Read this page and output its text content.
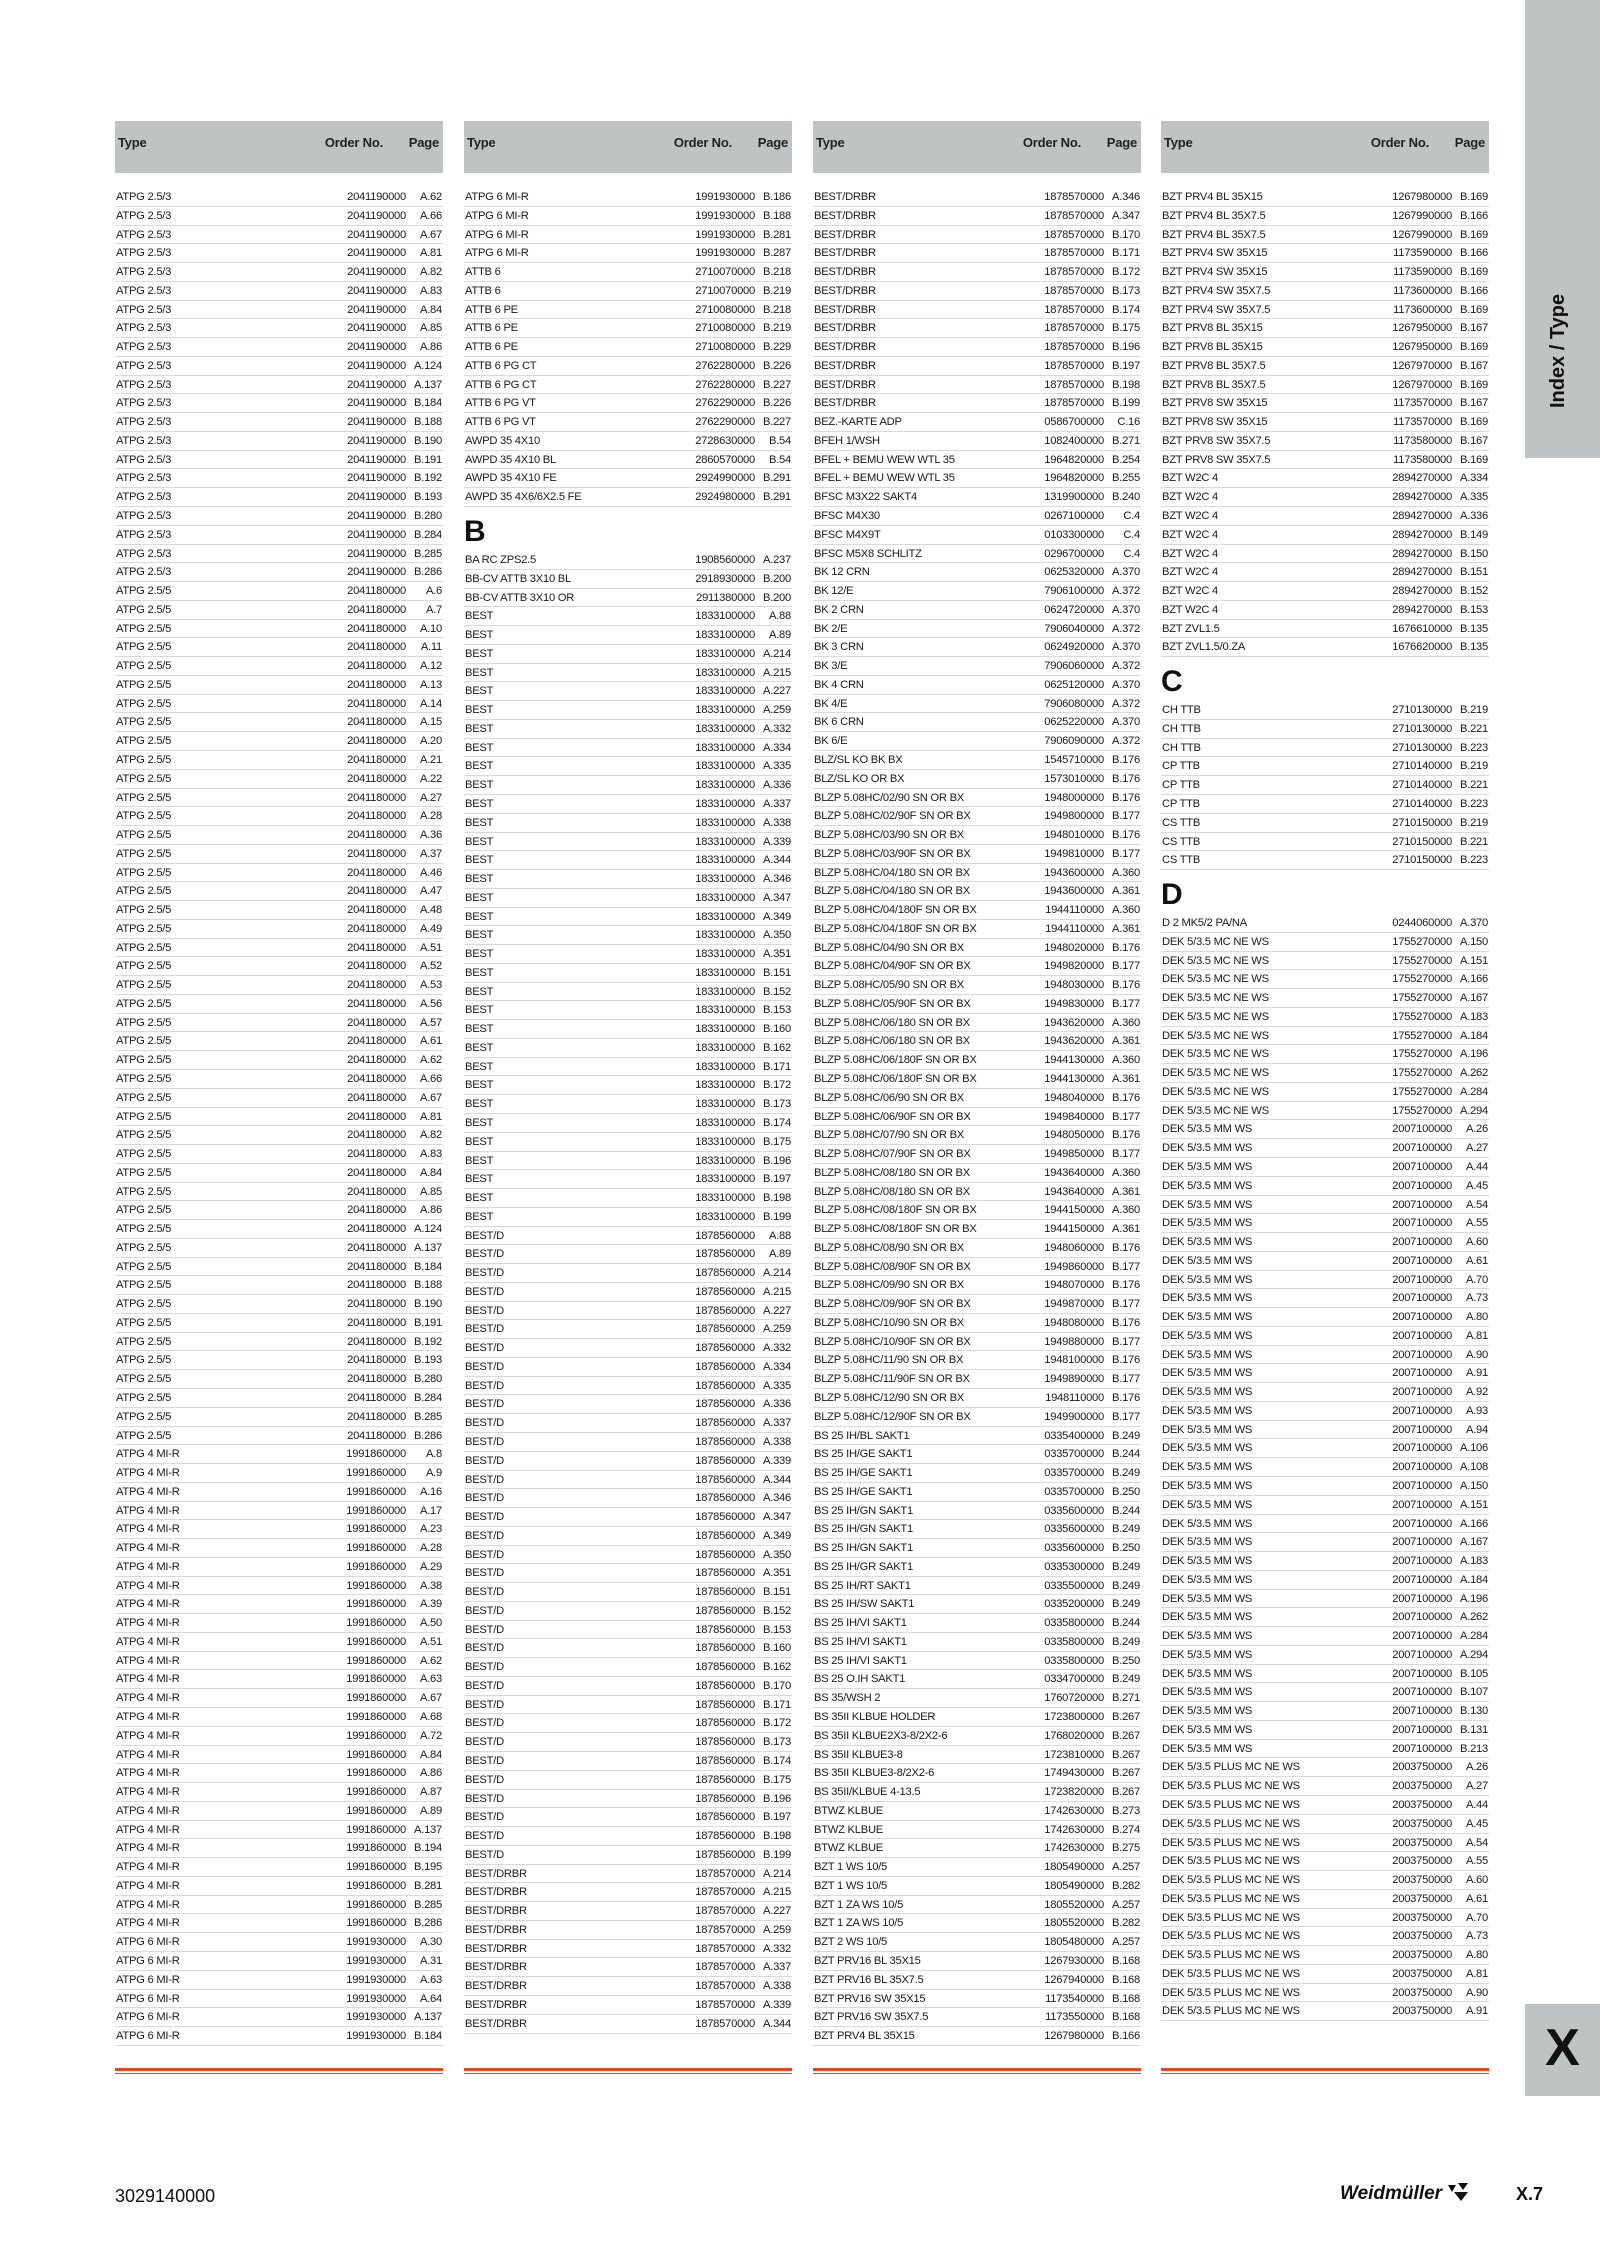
Type	Order No. Page
ATPG 2.5/3	2041190000 A.62
ATPG 2.5/3	2041190000 A.66
ATPG 2.5/3	2041190000 A.67
ATPG 2.5/3	2041190000 A.81
ATPG 2.5/3	2041190000 A.82
ATPG 2.5/3	2041190000 A.83
ATPG 2.5/3	2041190000 A.84
ATPG 2.5/3	2041190000 A.85
ATPG 2.5/3	2041190000 A.86
ATPG 2.5/3	2041190000 A.124
ATPG 2.5/3	2041190000 A.137
ATPG 2.5/3	2041190000 B.184
ATPG 2.5/3	2041190000 B.188
ATPG 2.5/3	2041190000 B.190
ATPG 2.5/3	2041190000 B.191
ATPG 2.5/3	2041190000 B.192
ATPG 2.5/3	2041190000 B.193
ATPG 2.5/3	2041190000 B.280
ATPG 2.5/3	2041190000 B.284
ATPG 2.5/3	2041190000 B.285
ATPG 2.5/3	2041190000 B.286
ATPG 2.5/5	2041180000 A.6
ATPG 2.5/5	2041180000 A.7
ATPG 2.5/5	2041180000 A.10
ATPG 2.5/5	2041180000 A.11
ATPG 2.5/5	2041180000 A.12
ATPG 2.5/5	2041180000 A.13
ATPG 2.5/5	2041180000 A.14
ATPG 2.5/5	2041180000 A.15
ATPG 2.5/5	2041180000 A.20
ATPG 2.5/5	2041180000 A.21
ATPG 2.5/5	2041180000 A.22
ATPG 2.5/5	2041180000 A.27
ATPG 2.5/5	2041180000 A.28
ATPG 2.5/5	2041180000 A.36
ATPG 2.5/5	2041180000 A.37
ATPG 2.5/5	2041180000 A.46
ATPG 2.5/5	2041180000 A.47
ATPG 2.5/5	2041180000 A.48
ATPG 2.5/5	2041180000 A.49
ATPG 2.5/5	2041180000 A.51
ATPG 2.5/5	2041180000 A.52
ATPG 2.5/5	2041180000 A.53
ATPG 2.5/5	2041180000 A.56
ATPG 2.5/5	2041180000 A.57
ATPG 2.5/5	2041180000 A.61
ATPG 2.5/5	2041180000 A.62
ATPG 2.5/5	2041180000 A.66
ATPG 2.5/5	2041180000 A.67
ATPG 2.5/5	2041180000 A.81
ATPG 2.5/5	2041180000 A.82
ATPG 2.5/5	2041180000 A.83
ATPG 2.5/5	2041180000 A.84
ATPG 2.5/5	2041180000 A.85
ATPG 2.5/5	2041180000 A.86
ATPG 2.5/5	2041180000 A.124
ATPG 2.5/5	2041180000 A.137
ATPG 2.5/5	2041180000 B.184
ATPG 2.5/5	2041180000 B.188
ATPG 2.5/5	2041180000 B.190
ATPG 2.5/5	2041180000 B.191
ATPG 2.5/5	2041180000 B.192
ATPG 2.5/5	2041180000 B.193
ATPG 2.5/5	2041180000 B.280
ATPG 2.5/5	2041180000 B.284
ATPG 2.5/5	2041180000 B.285
ATPG 2.5/5	2041180000 B.286
ATPG 4 MI-R	1991860000 A.8
ATPG 4 MI-R	1991860000 A.9
ATPG 4 MI-R	1991860000 A.16
ATPG 4 MI-R	1991860000 A.17
ATPG 4 MI-R	1991860000 A.23
ATPG 4 MI-R	1991860000 A.28
ATPG 4 MI-R	1991860000 A.29
ATPG 4 MI-R	1991860000 A.38
ATPG 4 MI-R	1991860000 A.39
ATPG 4 MI-R	1991860000 A.50
ATPG 4 MI-R	1991860000 A.51
ATPG 4 MI-R	1991860000 A.62
ATPG 4 MI-R	1991860000 A.63
ATPG 4 MI-R	1991860000 A.67
ATPG 4 MI-R	1991860000 A.68
ATPG 4 MI-R	1991860000 A.72
ATPG 4 MI-R	1991860000 A.84
ATPG 4 MI-R	1991860000 A.86
ATPG 4 MI-R	1991860000 A.87
ATPG 4 MI-R	1991860000 A.89
ATPG 4 MI-R	1991860000 A.137
ATPG 4 MI-R	1991860000 B.194
ATPG 4 MI-R	1991860000 B.195
ATPG 4 MI-R	1991860000 B.281
ATPG 4 MI-R	1991860000 B.285
ATPG 4 MI-R	1991860000 B.286
ATPG 6 MI-R	1991930000 A.30
ATPG 6 MI-R	1991930000 A.31
ATPG 6 MI-R	1991930000 A.63
ATPG 6 MI-R	1991930000 A.64
ATPG 6 MI-R	1991930000 A.137
ATPG 6 MI-R	1991930000 B.184
Type	Order No. Page
ATPG 6 MI-R	1991930000 B.186
ATPG 6 MI-R	1991930000 B.188
ATPG 6 MI-R	1991930000 B.281
ATPG 6 MI-R	1991930000 B.287
ATTB 6	2710070000 B.218
ATTB 6	2710070000 B.219
ATTB 6 PE	2710080000 B.218
ATTB 6 PE	2710080000 B.219
ATTB 6 PE	2710080000 B.229
ATTB 6 PG CT	2762280000 B.226
ATTB 6 PG CT	2762280000 B.227
ATTB 6 PG VT	2762290000 B.226
ATTB 6 PG VT	2762290000 B.227
AWPD 35 4X10	2728630000 B.54
AWPD 35 4X10 BL	2860570000 B.54
AWPD 35 4X10 FE	2924990000 B.291
AWPD 35 4X6/6X2.5 FE	2924980000 B.291
B
BA RC ZPS2.5	1908560000 A.237
BB-CV ATTB 3X10 BL	2918930000 B.200
BB-CV ATTB 3X10 OR	2911380000 B.200
BEST	1833100000 A.88
BEST	1833100000 A.89
BEST	1833100000 A.214
BEST	1833100000 A.215
BEST	1833100000 A.227
BEST	1833100000 A.259
BEST	1833100000 A.332
BEST	1833100000 A.334
BEST	1833100000 A.335
BEST	1833100000 A.336
BEST	1833100000 A.337
BEST	1833100000 A.338
BEST	1833100000 A.339
BEST	1833100000 A.344
BEST	1833100000 A.346
BEST	1833100000 A.347
BEST	1833100000 A.349
BEST	1833100000 A.350
BEST	1833100000 A.351
BEST	1833100000 B.151
BEST	1833100000 B.152
BEST	1833100000 B.153
BEST	1833100000 B.160
BEST	1833100000 B.162
BEST	1833100000 B.171
BEST	1833100000 B.172
BEST	1833100000 B.173
BEST	1833100000 B.174
BEST	1833100000 B.175
BEST	1833100000 B.196
BEST	1833100000 B.197
BEST	1833100000 B.198
BEST	1833100000 B.199
BEST/D	1878560000 A.88
BEST/D	1878560000 A.89
BEST/D	1878560000 A.214
BEST/D	1878560000 A.215
BEST/D	1878560000 A.227
BEST/D	1878560000 A.259
BEST/D	1878560000 A.332
BEST/D	1878560000 A.334
BEST/D	1878560000 A.335
BEST/D	1878560000 A.336
BEST/D	1878560000 A.337
BEST/D	1878560000 A.338
BEST/D	1878560000 A.339
BEST/D	1878560000 A.344
BEST/D	1878560000 A.346
BEST/D	1878560000 A.347
BEST/D	1878560000 A.349
BEST/D	1878560000 A.350
BEST/D	1878560000 A.351
BEST/D	1878560000 B.151
BEST/D	1878560000 B.152
BEST/D	1878560000 B.153
BEST/D	1878560000 B.160
BEST/D	1878560000 B.162
BEST/D	1878560000 B.170
BEST/D	1878560000 B.171
BEST/D	1878560000 B.172
BEST/D	1878560000 B.173
BEST/D	1878560000 B.174
BEST/D	1878560000 B.175
BEST/D	1878560000 B.196
BEST/D	1878560000 B.197
BEST/D	1878560000 B.198
BEST/D	1878560000 B.199
BEST/DRBR	1878570000 A.214
BEST/DRBR	1878570000 A.215
BEST/DRBR	1878570000 A.227
BEST/DRBR	1878570000 A.259
BEST/DRBR	1878570000 A.332
BEST/DRBR	1878570000 A.337
BEST/DRBR	1878570000 A.338
BEST/DRBR	1878570000 A.339
BEST/DRBR	1878570000 A.344
Type	Order No. Page
BEST/DRBR	1878570000 A.346
BEST/DRBR	1878570000 A.347
BEST/DRBR	1878570000 B.170
BEST/DRBR	1878570000 B.171
BEST/DRBR	1878570000 B.172
BEST/DRBR	1878570000 B.173
BEST/DRBR	1878570000 B.174
BEST/DRBR	1878570000 B.175
BEST/DRBR	1878570000 B.196
BEST/DRBR	1878570000 B.197
BEST/DRBR	1878570000 B.198
BEST/DRBR	1878570000 B.199
BEZ.-KARTE ADP	0586700000 C.16
BFEH 1/WSH	1082400000 B.271
BFEL + BEMU WEW WTL 35	1964820000 B.254
BFEL + BEMU WEW WTL 35	1964820000 B.255
BFSC M3X22 SAKT4	1319900000 B.240
BFSC M4X30	0267100000 C.4
BFSC M4X9T	0103300000 C.4
BFSC M5X8 SCHLITZ	0296700000 C.4
BK 12 CRN	0625320000 A.370
BK 12/E	7906100000 A.372
BK 2 CRN	0624720000 A.370
BK 2/E	7906040000 A.372
BK 3 CRN	0624920000 A.370
BK 3/E	7906060000 A.372
BK 4 CRN	0625120000 A.370
BK 4/E	7906080000 A.372
BK 6 CRN	0625220000 A.370
BK 6/E	7906090000 A.372
BLZ/SL KO BK BX	1545710000 B.176
BLZ/SL KO OR BX	1573010000 B.176
BLZP 5.08HC/02/90 SN OR BX	1948000000 B.176
BLZP 5.08HC/02/90F SN OR BX	1949800000 B.177
BLZP 5.08HC/03/90 SN OR BX	1948010000 B.176
BLZP 5.08HC/03/90F SN OR BX	1949810000 B.177
BLZP 5.08HC/04/180 SN OR BX	1943600000 A.360
BLZP 5.08HC/04/180 SN OR BX	1943600000 A.361
BLZP 5.08HC/04/180F SN OR BX	1944110000 A.360
BLZP 5.08HC/04/180F SN OR BX	1944110000 A.361
BLZP 5.08HC/04/90 SN OR BX	1948020000 B.176
BLZP 5.08HC/04/90F SN OR BX	1949820000 B.177
BLZP 5.08HC/05/90 SN OR BX	1948030000 B.176
BLZP 5.08HC/05/90F SN OR BX	1949830000 B.177
BLZP 5.08HC/06/180 SN OR BX	1943620000 A.360
BLZP 5.08HC/06/180 SN OR BX	1943620000 A.361
BLZP 5.08HC/06/180F SN OR BX	1944130000 A.360
BLZP 5.08HC/06/180F SN OR BX	1944130000 A.361
BLZP 5.08HC/06/90 SN OR BX	1948040000 B.176
BLZP 5.08HC/06/90F SN OR BX	1949840000 B.177
BLZP 5.08HC/07/90 SN OR BX	1948050000 B.176
BLZP 5.08HC/07/90F SN OR BX	1949850000 B.177
BLZP 5.08HC/08/180 SN OR BX	1943640000 A.360
BLZP 5.08HC/08/180 SN OR BX	1943640000 A.361
BLZP 5.08HC/08/180F SN OR BX	1944150000 A.360
BLZP 5.08HC/08/180F SN OR BX	1944150000 A.361
BLZP 5.08HC/08/90 SN OR BX	1948060000 B.176
BLZP 5.08HC/08/90F SN OR BX	1949860000 B.177
BLZP 5.08HC/09/90 SN OR BX	1948070000 B.176
BLZP 5.08HC/09/90F SN OR BX	1949870000 B.177
BLZP 5.08HC/10/90 SN OR BX	1948080000 B.176
BLZP 5.08HC/10/90F SN OR BX	1949880000 B.177
BLZP 5.08HC/11/90 SN OR BX	1948100000 B.176
BLZP 5.08HC/11/90F SN OR BX	1949890000 B.177
BLZP 5.08HC/12/90 SN OR BX	1948110000 B.176
BLZP 5.08HC/12/90F SN OR BX	1949900000 B.177
BS 25 IH/BL SAKT1	0335400000 B.249
BS 25 IH/GE SAKT1	0335700000 B.244
BS 25 IH/GE SAKT1	0335700000 B.249
BS 25 IH/GE SAKT1	0335700000 B.250
BS 25 IH/GN SAKT1	0335600000 B.244
BS 25 IH/GN SAKT1	0335600000 B.249
BS 25 IH/GN SAKT1	0335600000 B.250
BS 25 IH/GR SAKT1	0335300000 B.249
BS 25 IH/RT SAKT1	0335500000 B.249
BS 25 IH/SW SAKT1	0335200000 B.249
BS 25 IH/VI SAKT1	0335800000 B.244
BS 25 IH/VI SAKT1	0335800000 B.249
BS 25 IH/VI SAKT1	0335800000 B.250
BS 25 O.IH SAKT1	0334700000 B.249
BS 35/WSH 2	1760720000 B.271
BS 35II KLBUE HOLDER	1723800000 B.267
BS 35II KLBUE2X3-8/2X2-6	1768020000 B.267
BS 35II KLBUE3-8	1723810000 B.267
BS 35II KLBUE3-8/2X2-6	1749430000 B.267
BS 35II/KLBUE 4-13.5	1723820000 B.267
BTWZ KLBUE	1742630000 B.273
BTWZ KLBUE	1742630000 B.274
BTWZ KLBUE	1742630000 B.275
BZT 1 WS 10/5	1805490000 A.257
BZT 1 WS 10/5	1805490000 B.282
BZT 1 ZA WS 10/5	1805520000 A.257
BZT 1 ZA WS 10/5	1805520000 B.282
BZT 2 WS 10/5	1805480000 A.257
BZT PRV16 BL 35X15	1267930000 B.168
BZT PRV16 BL 35X7.5	1267940000 B.168
BZT PRV16 SW 35X15	1173540000 B.168
BZT PRV16 SW 35X7.5	1173550000 B.168
BZT PRV4 BL 35X15	1267980000 B.166
Type	Order No. Page
BZT PRV4 BL 35X15	1267980000 B.169
BZT PRV4 BL 35X7.5	1267990000 B.166
BZT PRV4 BL 35X7.5	1267990000 B.169
BZT PRV4 SW 35X15	1173590000 B.166
BZT PRV4 SW 35X15	1173590000 B.169
BZT PRV4 SW 35X7.5	1173600000 B.166
BZT PRV4 SW 35X7.5	1173600000 B.169
BZT PRV8 BL 35X15	1267950000 B.167
BZT PRV8 BL 35X15	1267950000 B.169
BZT PRV8 BL 35X7.5	1267970000 B.167
BZT PRV8 BL 35X7.5	1267970000 B.169
BZT PRV8 SW 35X15	1173570000 B.167
BZT PRV8 SW 35X15	1173570000 B.169
BZT PRV8 SW 35X7.5	1173580000 B.167
BZT PRV8 SW 35X7.5	1173580000 B.169
BZT W2C 4	2894270000 A.334
BZT W2C 4	2894270000 A.335
BZT W2C 4	2894270000 A.336
BZT W2C 4	2894270000 B.149
BZT W2C 4	2894270000 B.150
BZT W2C 4	2894270000 B.151
BZT W2C 4	2894270000 B.152
BZT W2C 4	2894270000 B.153
BZT ZVL1.5	1676610000 B.135
BZT ZVL1.5/0.ZA	1676620000 B.135
C
CH TTB	2710130000 B.219
CH TTB	2710130000 B.221
CH TTB	2710130000 B.223
CP TTB	2710140000 B.219
CP TTB	2710140000 B.221
CP TTB	2710140000 B.223
CS TTB	2710150000 B.219
CS TTB	2710150000 B.221
CS TTB	2710150000 B.223
D
D 2 MK5/2 PA/NA	0244060000 A.370
DEK 5/3.5 MC NE WS	1755270000 A.150
DEK 5/3.5 MC NE WS	1755270000 A.151
DEK 5/3.5 MC NE WS	1755270000 A.166
DEK 5/3.5 MC NE WS	1755270000 A.167
DEK 5/3.5 MC NE WS	1755270000 A.183
DEK 5/3.5 MC NE WS	1755270000 A.184
DEK 5/3.5 MC NE WS	1755270000 A.196
DEK 5/3.5 MC NE WS	1755270000 A.262
DEK 5/3.5 MC NE WS	1755270000 A.284
DEK 5/3.5 MC NE WS	1755270000 A.294
DEK 5/3.5 MM WS	2007100000 A.26
DEK 5/3.5 MM WS	2007100000 A.27
DEK 5/3.5 MM WS	2007100000 A.44
DEK 5/3.5 MM WS	2007100000 A.45
DEK 5/3.5 MM WS	2007100000 A.54
DEK 5/3.5 MM WS	2007100000 A.55
DEK 5/3.5 MM WS	2007100000 A.60
DEK 5/3.5 MM WS	2007100000 A.61
DEK 5/3.5 MM WS	2007100000 A.70
DEK 5/3.5 MM WS	2007100000 A.73
DEK 5/3.5 MM WS	2007100000 A.80
DEK 5/3.5 MM WS	2007100000 A.81
DEK 5/3.5 MM WS	2007100000 A.90
DEK 5/3.5 MM WS	2007100000 A.91
DEK 5/3.5 MM WS	2007100000 A.92
DEK 5/3.5 MM WS	2007100000 A.93
DEK 5/3.5 MM WS	2007100000 A.94
DEK 5/3.5 MM WS	2007100000 A.106
DEK 5/3.5 MM WS	2007100000 A.108
DEK 5/3.5 MM WS	2007100000 A.150
DEK 5/3.5 MM WS	2007100000 A.151
DEK 5/3.5 MM WS	2007100000 A.166
DEK 5/3.5 MM WS	2007100000 A.167
DEK 5/3.5 MM WS	2007100000 A.183
DEK 5/3.5 MM WS	2007100000 A.184
DEK 5/3.5 MM WS	2007100000 A.196
DEK 5/3.5 MM WS	2007100000 A.262
DEK 5/3.5 MM WS	2007100000 A.284
DEK 5/3.5 MM WS	2007100000 A.294
DEK 5/3.5 MM WS	2007100000 B.105
DEK 5/3.5 MM WS	2007100000 B.107
DEK 5/3.5 MM WS	2007100000 B.130
DEK 5/3.5 MM WS	2007100000 B.131
DEK 5/3.5 MM WS	2007100000 B.213
DEK 5/3.5 PLUS MC NE WS	2003750000 A.26
DEK 5/3.5 PLUS MC NE WS	2003750000 A.27
DEK 5/3.5 PLUS MC NE WS	2003750000 A.44
DEK 5/3.5 PLUS MC NE WS	2003750000 A.45
DEK 5/3.5 PLUS MC NE WS	2003750000 A.54
DEK 5/3.5 PLUS MC NE WS	2003750000 A.55
DEK 5/3.5 PLUS MC NE WS	2003750000 A.60
DEK 5/3.5 PLUS MC NE WS	2003750000 A.61
DEK 5/3.5 PLUS MC NE WS	2003750000 A.70
DEK 5/3.5 PLUS MC NE WS	2003750000 A.73
DEK 5/3.5 PLUS MC NE WS	2003750000 A.80
DEK 5/3.5 PLUS MC NE WS	2003750000 A.81
DEK 5/3.5 PLUS MC NE WS	2003750000 A.90
DEK 5/3.5 PLUS MC NE WS	2003750000 A.91
Index / Type
X
3029140000	Weidmüller	X.7
